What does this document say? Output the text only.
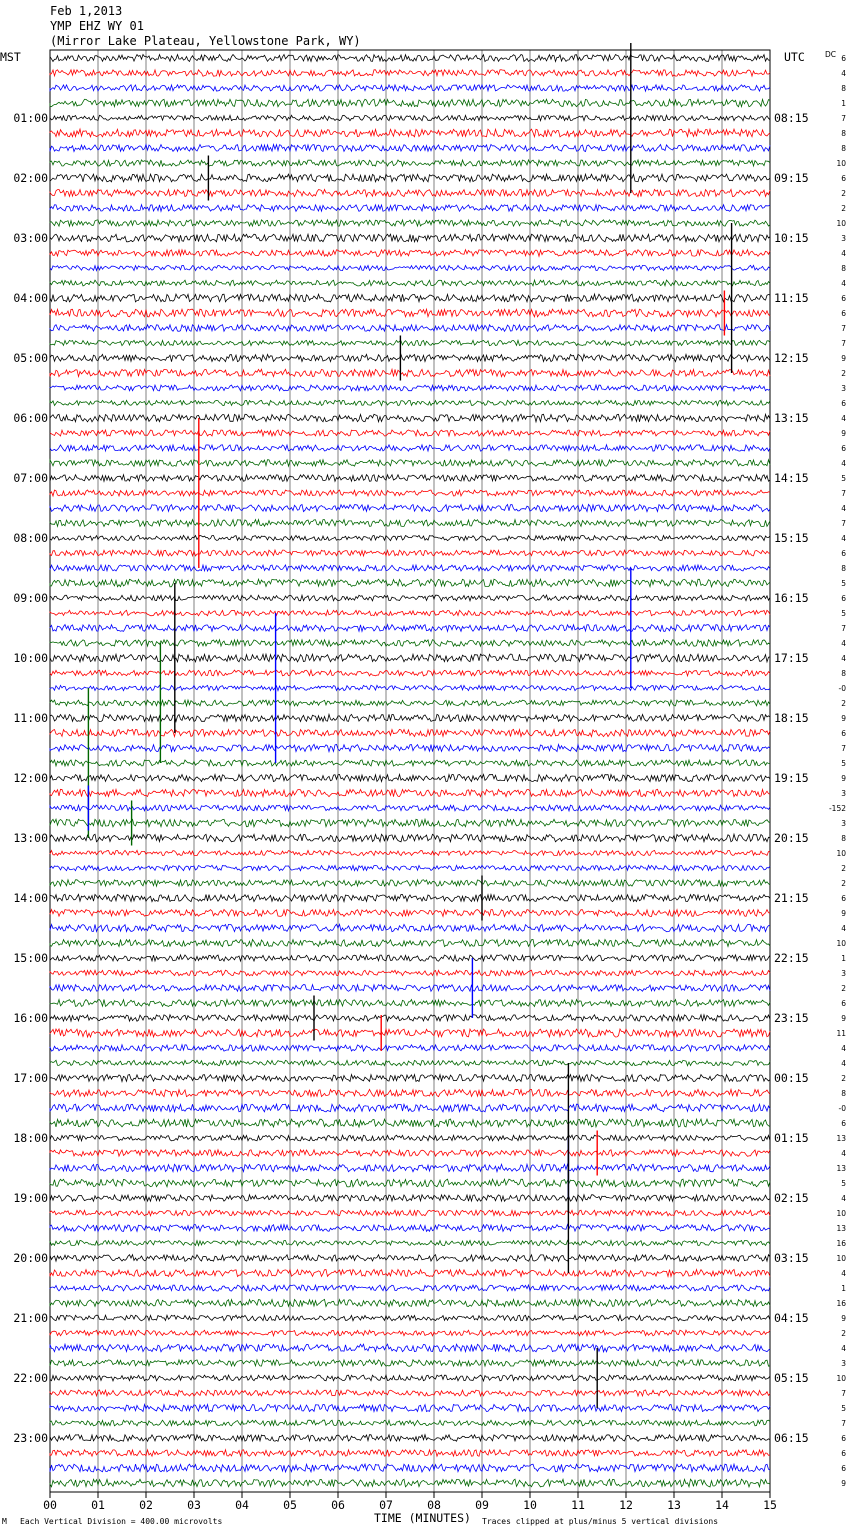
Feb 1,2013
YMP EHZ WY 01
(Mirror Lake Plateau, Yellowstone Park, WY)
01:00
02:00
03:00
04:00
05:00
06:00
07:00
08:00
09:00
10:00
11:00
12:00
13:00
14:00
15:00
16:00
17:00
18:00
19:00
20:00
21:00
22:00
23:00
08:15
09:15
10:15
11:15
12:15
13:15
14:15
15:15
16:15
17:15
18:15
19:15
20:15
21:15
22:15
23:15
00:15
01:15
02:15
03:15
04:15
05:15
06:15
6
4
8
1
7
8
8
10
6
2
2
10
3
4
8
4
6
6
7
7
9
2
3
6
4
9
6
4
5
7
4
7
4
6
8
5
6
5
7
4
4
8
-0
2
9
6
7
5
9
3
-152
3
8
10
2
2
6
9
4
10
1
3
2
6
9
11
4
4
2
8
-0
6
13
4
13
5
4
10
13
16
10
4
1
16
9
2
4
3
10
7
5
7
6
6
6
9
00	01	02	03	04	05	06	07	08	09	10	11	12	13	14	15
MST	UTC	DC
TIME (MINUTES)
M Each Vertical Division = 400.00 microvolts	Traces clipped at plus/minus 5 vertical divisions
